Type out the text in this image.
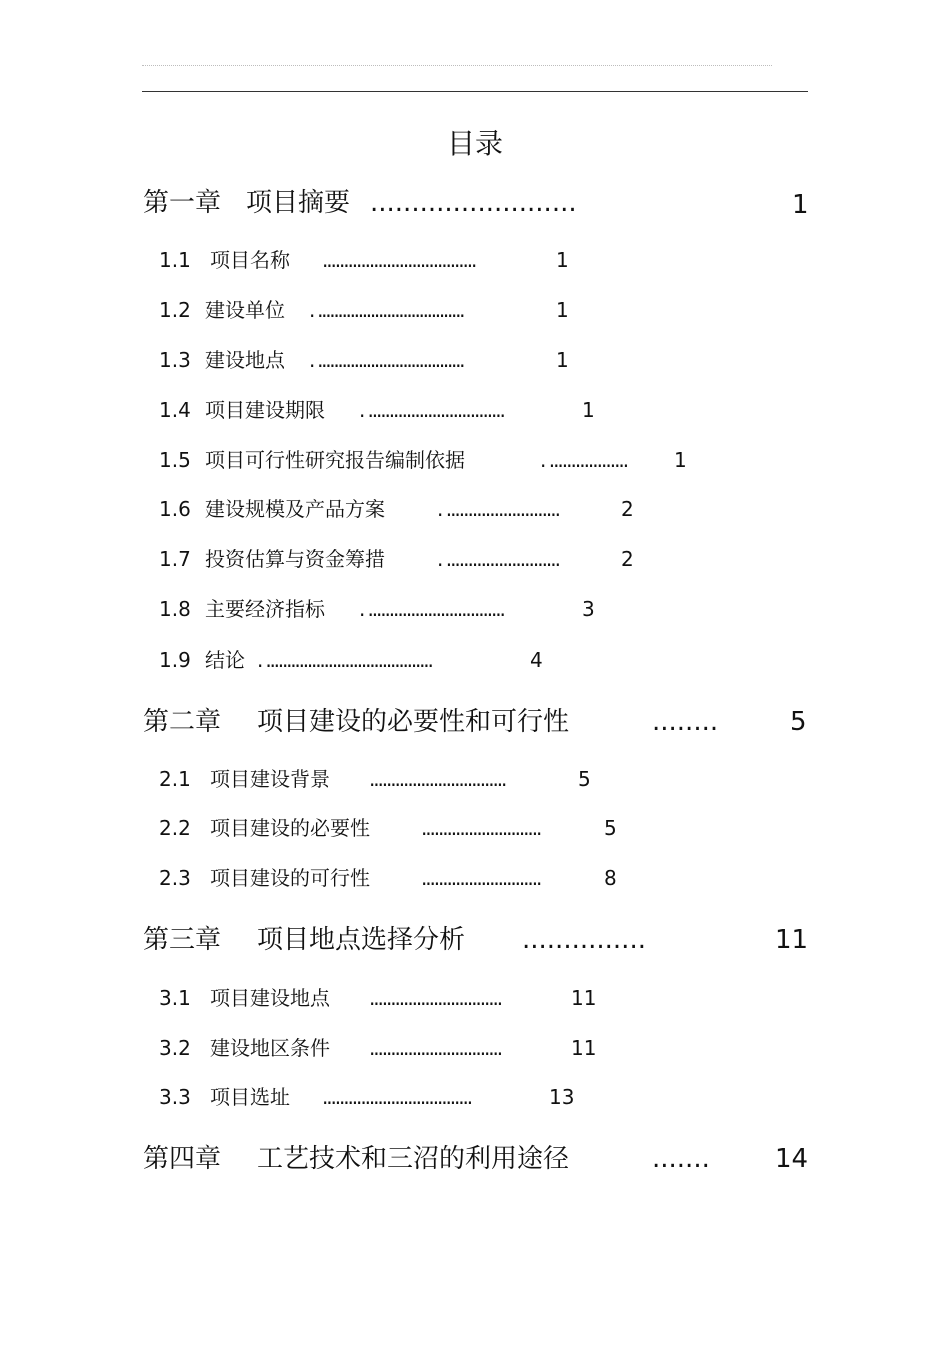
目录
第一章 项目摘要 .........................	1
1.1 项目名称 ....................................	1
1.2 建设单位 . ....................................	1
1.3 建设地点 . ....................................	1
1.4 项目建设期限 . ................................	1
1.5 项目可行性研究报告编制依据	. .................. 1
1.6 建设规模及产品方案	. ..........................	2
1.7 投资估算与资金筹措	. ..........................	2
1.8 主要经济指标 . ................................	3
1.9 结论 . ........................................	4
第二章 项目建设的必要性和可行性	........	5
2.1 项目建设背景 ................................	5
2.2 项目建设的必要性	............................	5
2.3 项目建设的可行性	............................	8
第三章 项目地点选择分析 ...............	11
3.1 项目建设地点 ...............................	11
3.2 建设地区条件 ...............................	11
3.3 项目选址 ...................................	13
第四章 工艺技术和三沼的利用途径	.......	14
